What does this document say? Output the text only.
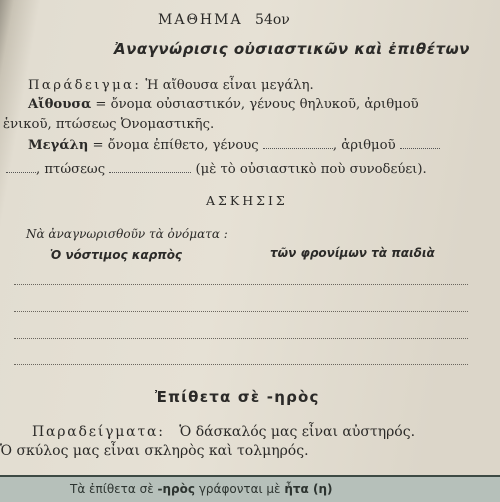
ΜΑΘΗΜΑ 54ον
Ἀναγνώρισις οὐσιαστικῶν καὶ ἐπιθέτων
Παράδειγμα: Ἡ αἴθουσα εἶναι μεγάλη.
Αἴθουσα = ὄνομα οὐσιαστικόν, γένους θηλυκοῦ, ἀριθμοῦ
ἑνικοῦ, πτώσεως Ὀνομαστικῆς.
Μεγάλη = ὄνομα ἐπίθετο, γένους	, ἀριθμοῦ
, πτώσεως	(μὲ τὸ οὐσιαστικὸ ποὺ συνοδεύει).
ΑΣΚΗΣΙΣ
Νὰ ἀναγνωρισθοῦν τὰ ὀνόματα :
Ὁ νόστιμος καρπὸς	τῶν φρονίμων τὰ παιδιὰ
Ἐπίθετα σὲ -ηρὸς
Παραδείγματα: Ὁ δάσκαλός μας εἶναι αὐστηρός.
Ὁ σκύλος μας εἶναι σκληρὸς καὶ τολμηρός.
Τὰ ἐπίθετα σὲ -ηρὸς γράφονται μὲ ἦτα (η)
